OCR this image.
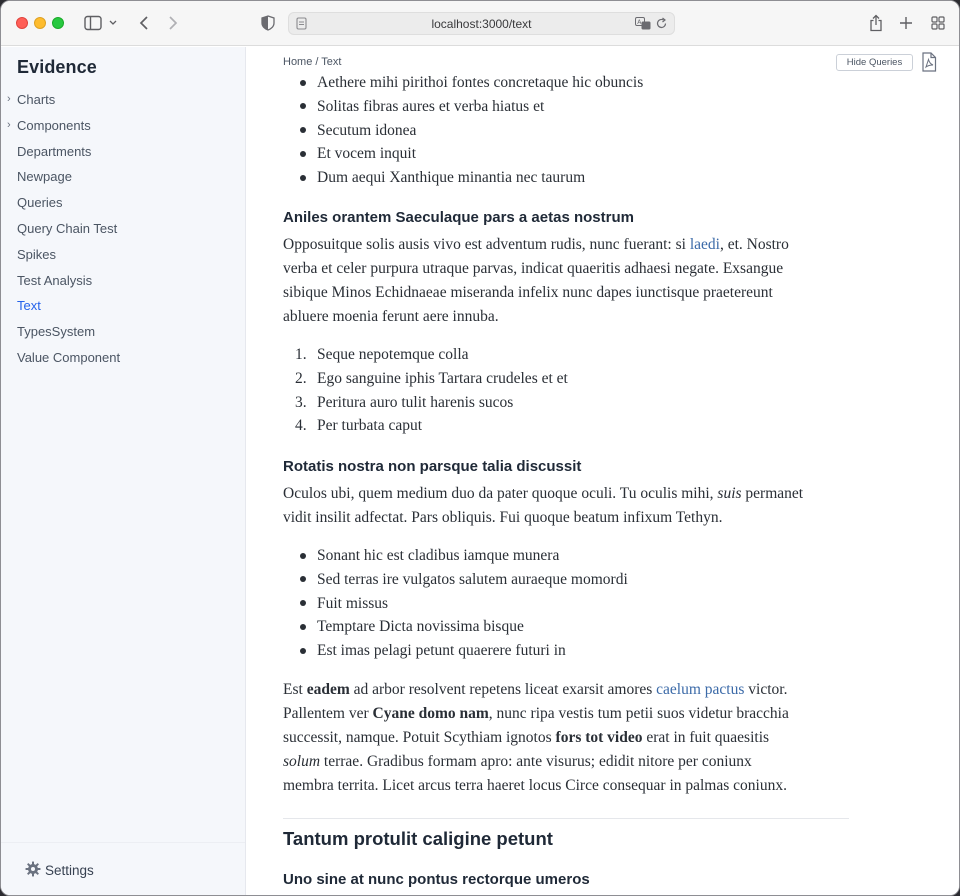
localhost:3000/text	A
Evidence
› Charts
› Components
Departments
Newpage
Queries
Query Chain Test
Spikes
Test Analysis
Text
TypesSystem
Value Component
Settings
Home / Text	Hide Queries
Aethere mihi pirithoi fontes concretaque hic obuncis
Solitas fibras aures et verba hiatus et
Secutum idonea
Et vocem inquit
Dum aequi Xanthique minantia nec taurum
Aniles orantem Saeculaque pars a aetas nostrum
Opposuitque solis ausis vivo est adventum rudis, nunc fuerant: si laedi, et. Nostro
verba et celer purpura utraque parvas, indicat quaeritis adhaesi negate. Exsangue
sibique Minos Echidnaeae miseranda infelix nunc dapes iunctisque praetereunt
abluere moenia ferunt aere innuba.
1. Seque nepotemque colla
2. Ego sanguine iphis Tartara crudeles et et
3. Peritura auro tulit harenis sucos
4. Per turbata caput
Rotatis nostra non parsque talia discussit
Oculos ubi, quem medium duo da pater quoque oculi. Tu oculis mihi, suis permanet
vidit insilit adfectat. Pars obliquis. Fui quoque beatum infixum Tethyn.
Sonant hic est cladibus iamque munera
Sed terras ire vulgatos salutem auraeque momordi
Fuit missus
Temptare Dicta novissima bisque
Est imas pelagi petunt quaerere futuri in
Est eadem ad arbor resolvent repetens liceat exarsit amores caelum pactus victor.
Pallentem ver Cyane domo nam, nunc ripa vestis tum petii suos videtur bracchia
successit, namque. Potuit Scythiam ignotos fors tot video erat in fuit quaesitis
solum terrae. Gradibus formam apro: ante visurus; edidit nitore per coniunx
membra territa. Licet arcus terra haeret locus Circe consequar in palmas coniunx.
Tantum protulit caligine petunt
Uno sine at nunc pontus rectorque umeros
